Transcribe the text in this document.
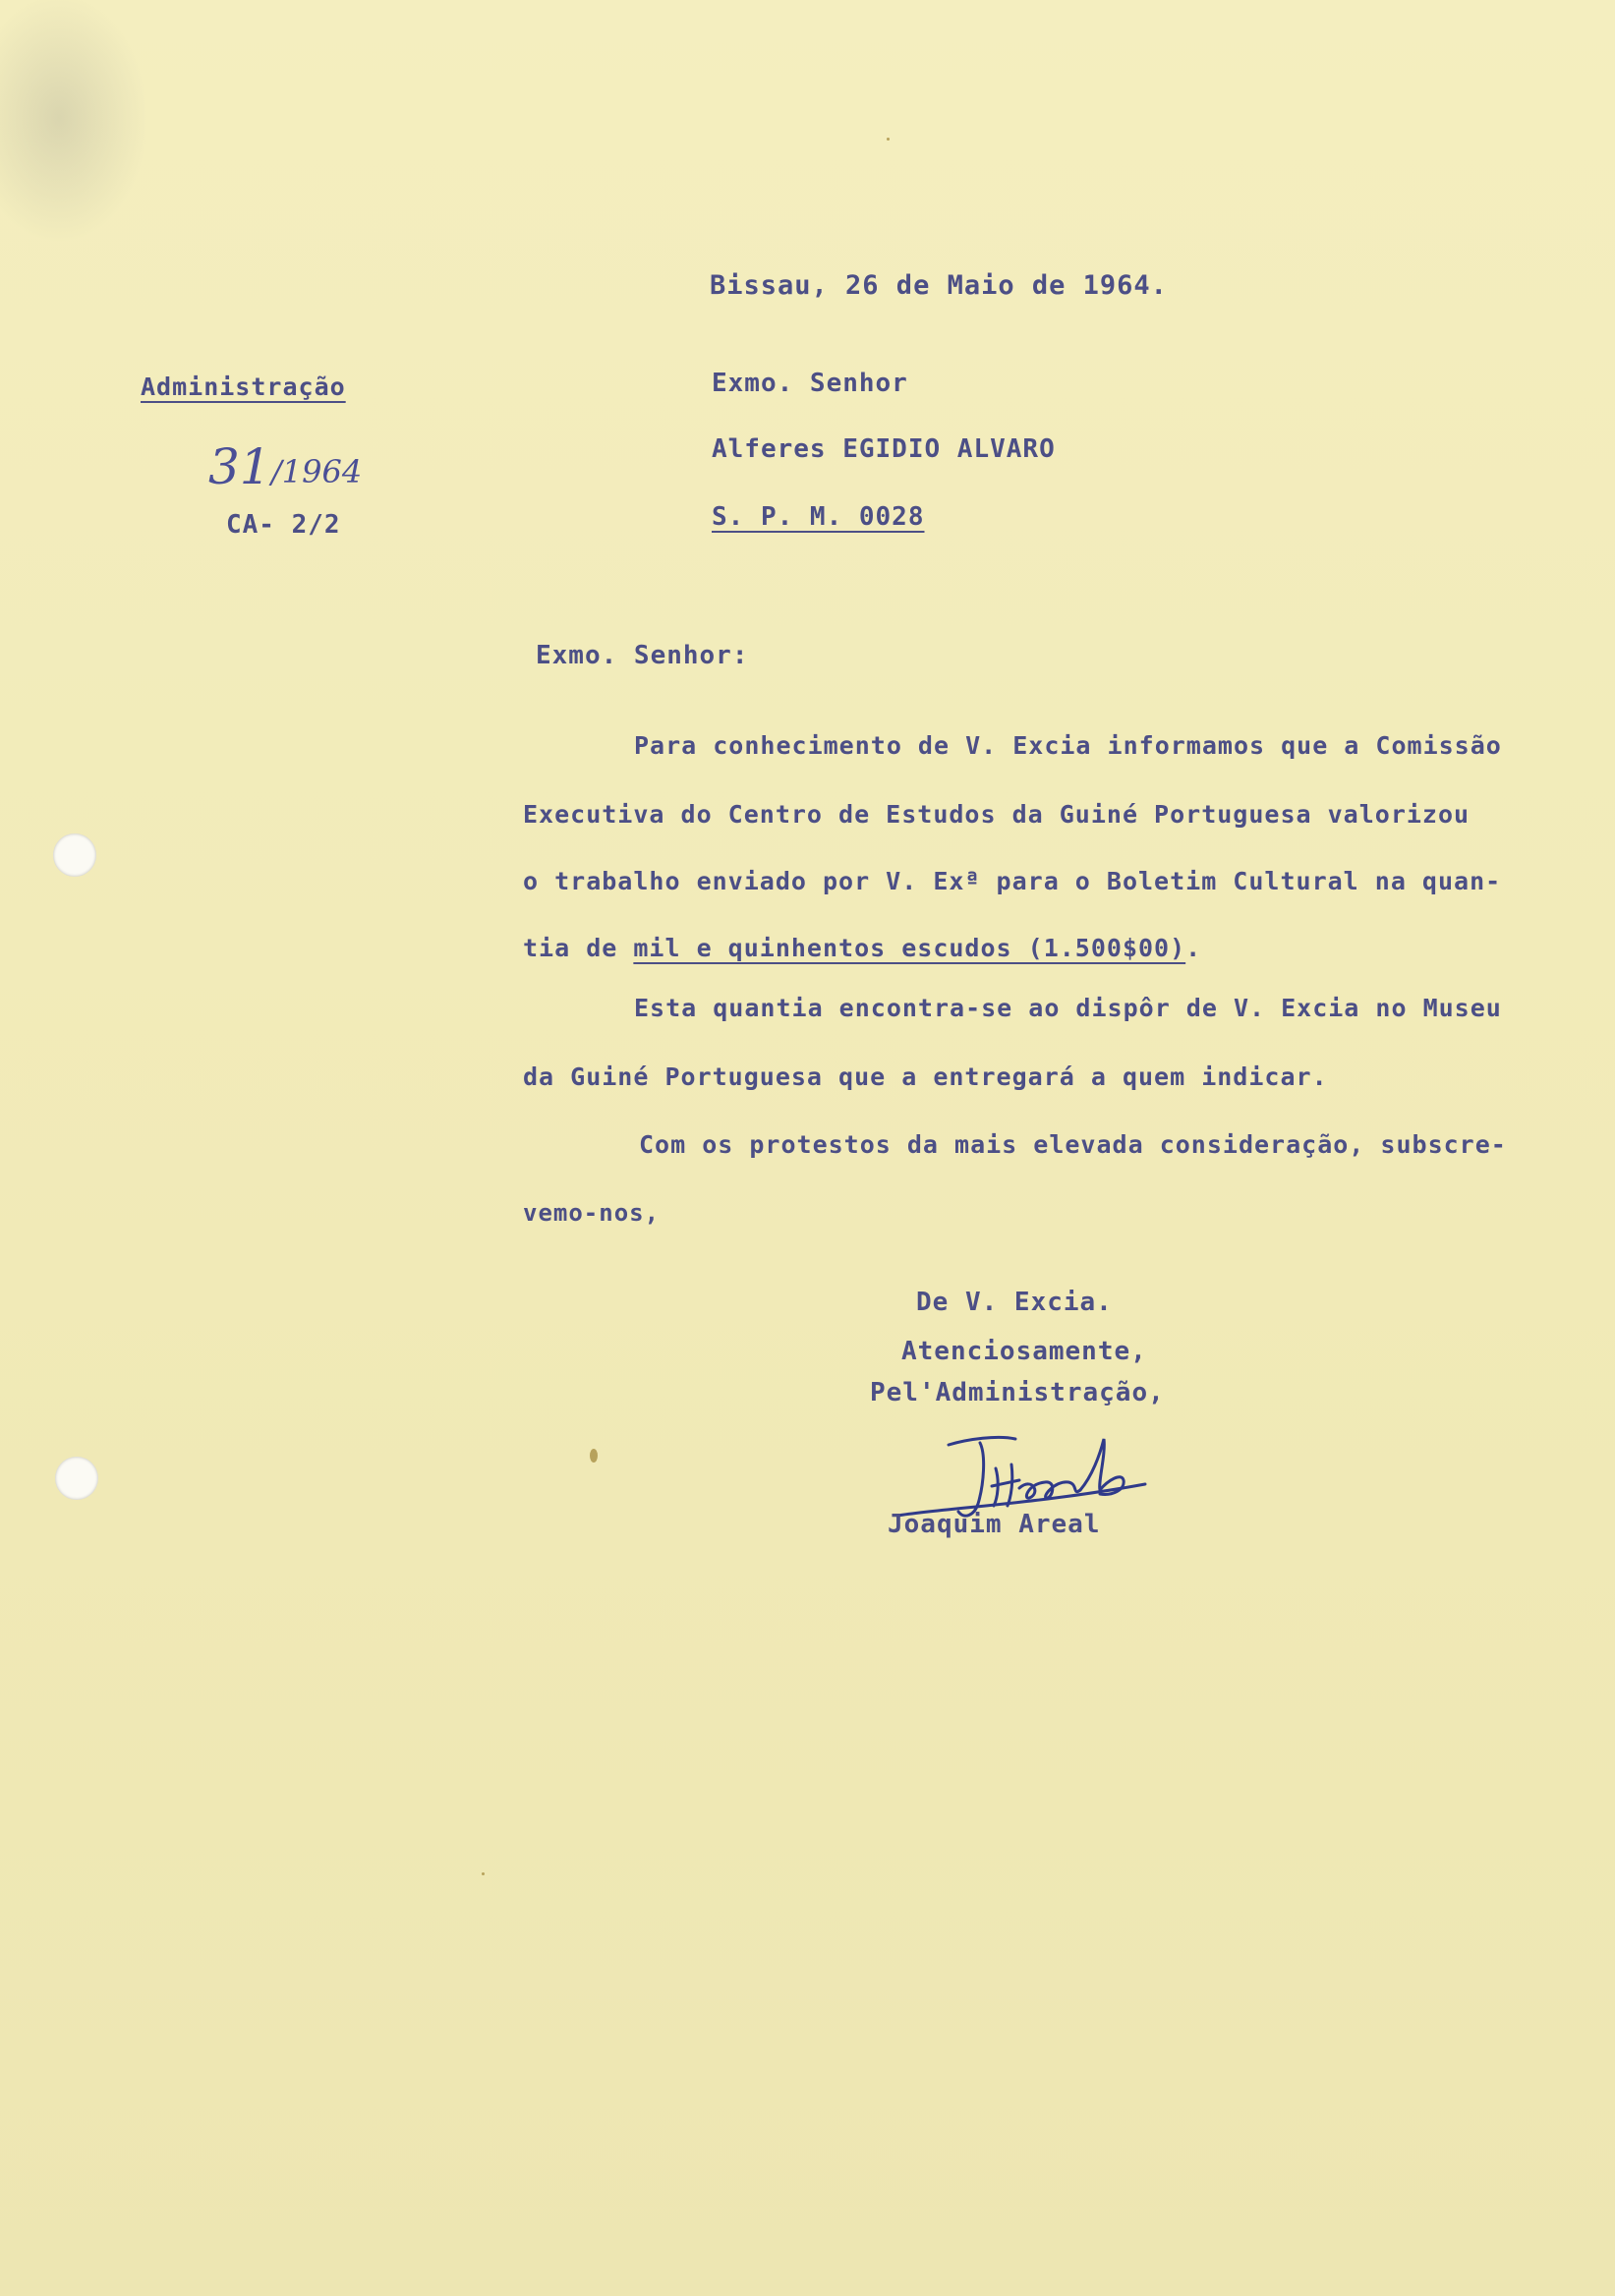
Bissau, 26 de Maio de 1964.
Administração
31 /1964
CA- 2/2
Exmo. Senhor
Alferes EGIDIO ALVARO
S. P. M. 0028
Exmo. Senhor:
Para conhecimento de V. Excia informamos que a Comissão
Executiva do Centro de Estudos da Guiné Portuguesa valorizou
o trabalho enviado por V. Exª para o Boletim Cultural na quan-
tia de mil e quinhentos escudos (1.500$00).
Esta quantia encontra-se ao dispôr de V. Excia no Museu
da Guiné Portuguesa que a entregará a quem indicar.
Com os protestos da mais elevada consideração, subscre-
vemo-nos,
De V. Excia.
Atenciosamente,
Pel'Administração,
Joaquim Areal
